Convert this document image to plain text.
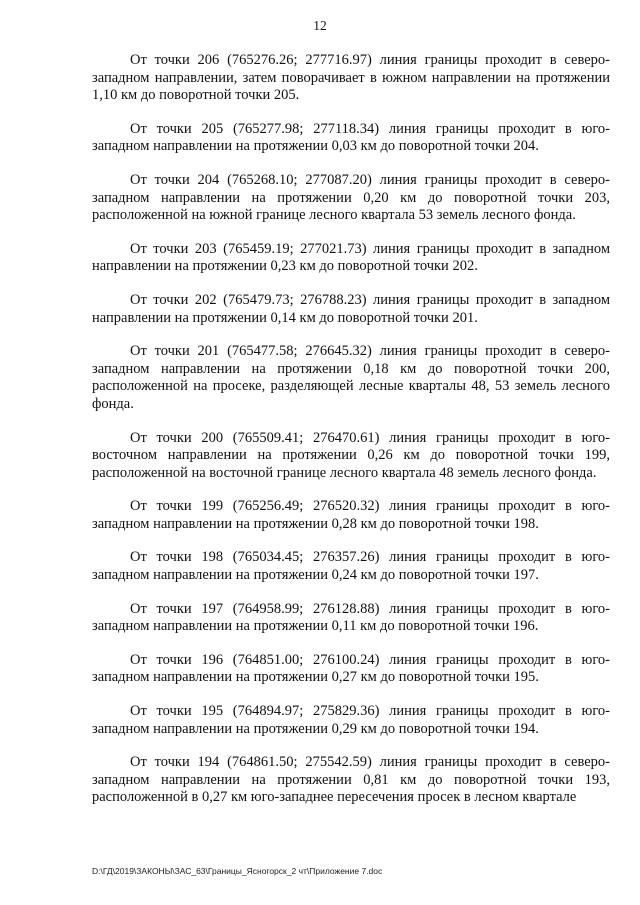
12

От точки 206 (765276.26; 277716.97) линия границы проходит в северо-западном направлении, затем поворачивает в южном направлении на протяжении 1,10 км до поворотной точки 205.

От точки 205 (765277.98; 277118.34) линия границы проходит в юго-западном направлении на протяжении 0,03 км до поворотной точки 204.

От точки 204 (765268.10; 277087.20) линия границы проходит в северо-западном направлении на протяжении 0,20 км до поворотной точки 203, расположенной на южной границе лесного квартала 53 земель лесного фонда.

От точки 203 (765459.19; 277021.73) линия границы проходит в западном направлении на протяжении 0,23 км до поворотной точки 202.

От точки 202 (765479.73; 276788.23) линия границы проходит в западном направлении на протяжении 0,14 км до поворотной точки 201.

От точки 201 (765477.58; 276645.32) линия границы проходит в северо-западном направлении на протяжении 0,18 км до поворотной точки 200, расположенной на просеке, разделяющей лесные кварталы 48, 53 земель лесного фонда.

От точки 200 (765509.41; 276470.61) линия границы проходит в юго-восточном направлении на протяжении 0,26 км до поворотной точки 199, расположенной на восточной границе лесного квартала 48 земель лесного фонда.

От точки 199 (765256.49; 276520.32) линия границы проходит в юго-западном направлении на протяжении 0,28 км до поворотной точки 198.

От точки 198 (765034.45; 276357.26) линия границы проходит в юго-западном направлении на протяжении 0,24 км до поворотной точки 197.

От точки 197 (764958.99; 276128.88) линия границы проходит в юго-западном направлении на протяжении 0,11 км до поворотной точки 196.

От точки 196 (764851.00; 276100.24) линия границы проходит в юго-западном направлении на протяжении 0,27 км до поворотной точки 195.

От точки 195 (764894.97; 275829.36) линия границы проходит в юго-западном направлении на протяжении 0,29 км до поворотной точки 194.

От точки 194 (764861.50; 275542.59) линия границы проходит в северо-западном направлении на протяжении 0,81 км до поворотной точки 193, расположенной в 0,27 км юго-западнее пересечения просек в лесном квартале

D:\ГД\2019\ЗАКОНЫ\ЗАС_63\Границы_Ясногорск_2 чт\Приложение 7.doc
